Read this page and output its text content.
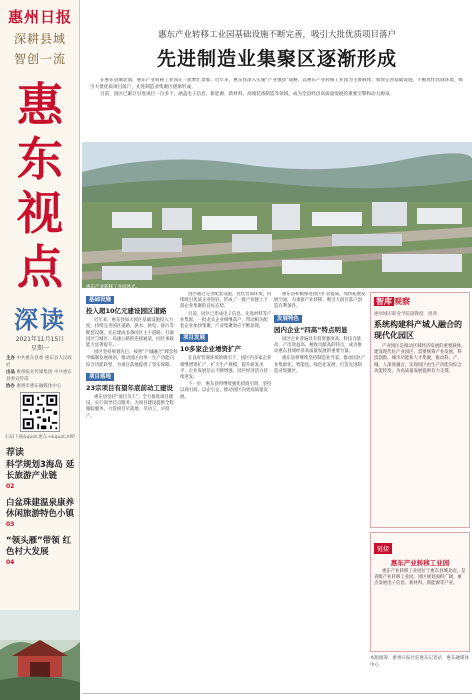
惠州日报
深耕县域
智创一流
惠
东
视
点
深读
2021年11月15日
星期一
主办 中共惠东县委 惠东县人民政府
出品 惠州报业传媒集团 中共惠东县委宣传部
协办 惠州市惠东融媒体中心
扫码下载&quot;惠东+&quot;APP
荐读
科学规划3海岛 延长旅游产业链
02
白盆珠建温泉康养 休闲旅游特色小镇
03
“领头雁”带领 红色村大发展
04
惠东产业转移工业园基础设施不断完善，吸引大批优质项目落户
先进制造业集聚区逐渐形成

在惠东县城北面，惠东产业转移工业园正一派繁忙景象。近年来，惠东县深入实施“产业强县”战略，以惠东产业转移工业园为主要载体，加快完善基础设施，不断优化营商环境，吸引大批优质项目落户，先进制造业集聚区逐渐形成。

目前，园区已累计引进项目一百多个，涵盖电子信息、新能源、新材料、高端装备制造等领域，成为全县经济高质量发展的重要引擎和动力源泉。

惠东产业转移工业园风光。
基础设施
投入超10亿元建设园区道路

近年来，惠东县加大园区基础设施投入力度，持续完善园区道路、供水、供电、排污等配套设施，先后建成多条园区主干道路，打通园区与城区、高速公路的连接通道，园区承载能力显著提升。

园区坚持规划先行，按照“产城融合”理念科学编制发展规划，推动园区由单一生产功能向综合功能转型，为项目落地提供了坚实保障。

项目落地
23宗项目有望年底前动工建设

惠东县坚持“项目为王”，全力推进项目建设，实行领导挂点服务，为项目建设提供全程跟踪服务，力促项目早落地、早动工、早投产。

园区通过完善配套设施、优化营商环境，持续吸引优质企业进驻，形成了一批产业链上下游企业集聚的良好态势。

目前，园区已形成电子信息、先进材料等产业集群，一批龙头企业相继落户，带动相关配套企业加快集聚，产业集聚效应不断显现。

项目发展
10多家企业增资扩产

在良好营商环境的吸引下，园区内多家企业相继增资扩产，扩大生产规模，提升研发水平，企业发展信心不断增强，园区经济活力持续迸发。

下一步，惠东县将继续强化招商引资，坚持以商引商、以企引企，推动园区向更高质量发展。

惠东县积极推进园区扩容提质，加快拓展发展空间，为承接产业转移、吸引大项目落户创造有利条件。

发展特色
园内企业“四高”特点明显

园区企业普遍具有投资强度高、科技含量高、产出效益高、税收贡献高的特点，成为推动惠东县域经济高质量发展的重要力量。

惠东县将继续坚持制造业当家，推动园区产业集群化、智能化、绿色化发展，打造先进制造业集聚区。

智库 观察
惠州城市职业学院副教授　周鸿
系统构建科产城人融合的现代化园区
产业园区是推动区域经济发展的重要载体。建设现代化产业园区，需要统筹产业发展、科技创新、城市功能和人才集聚，推动科、产、城、人深度融合，实现园区由生产功能向综合功能转变，为高质量发展提供有力支撑。
链接
惠东产业转移工业园
惠东产业转移工业园位于惠东县城北面，是省级产业转移工业园，园区规划面积广阔，重点发展电子信息、新材料、新能源等产业。
本版统筹：惠州日报社驻惠东记者站　惠东融媒体中心
